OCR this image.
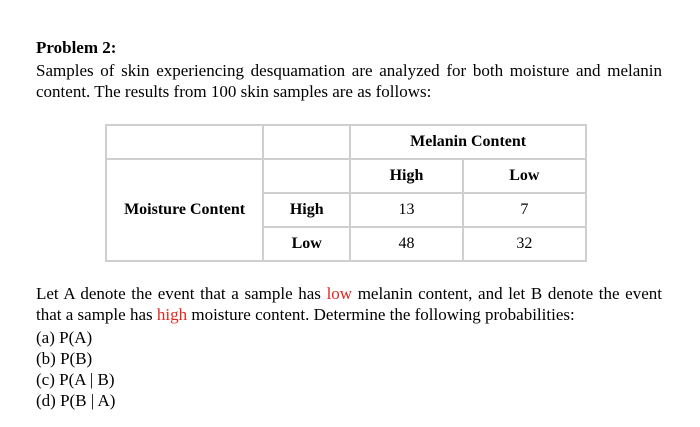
Problem 2:
Samples of skin experiencing desquamation are analyzed for both moisture and melanin content. The results from 100 skin samples are as follows:
		Melanin Content	
Moisture Content		High	Low
	High	13	7
	Low	48	32
Let A denote the event that a sample has low melanin content, and let B denote the event that a sample has high moisture content. Determine the following probabilities:
(a) P(A)
(b) P(B)
(c) P(A | B)
(d) P(B | A)
